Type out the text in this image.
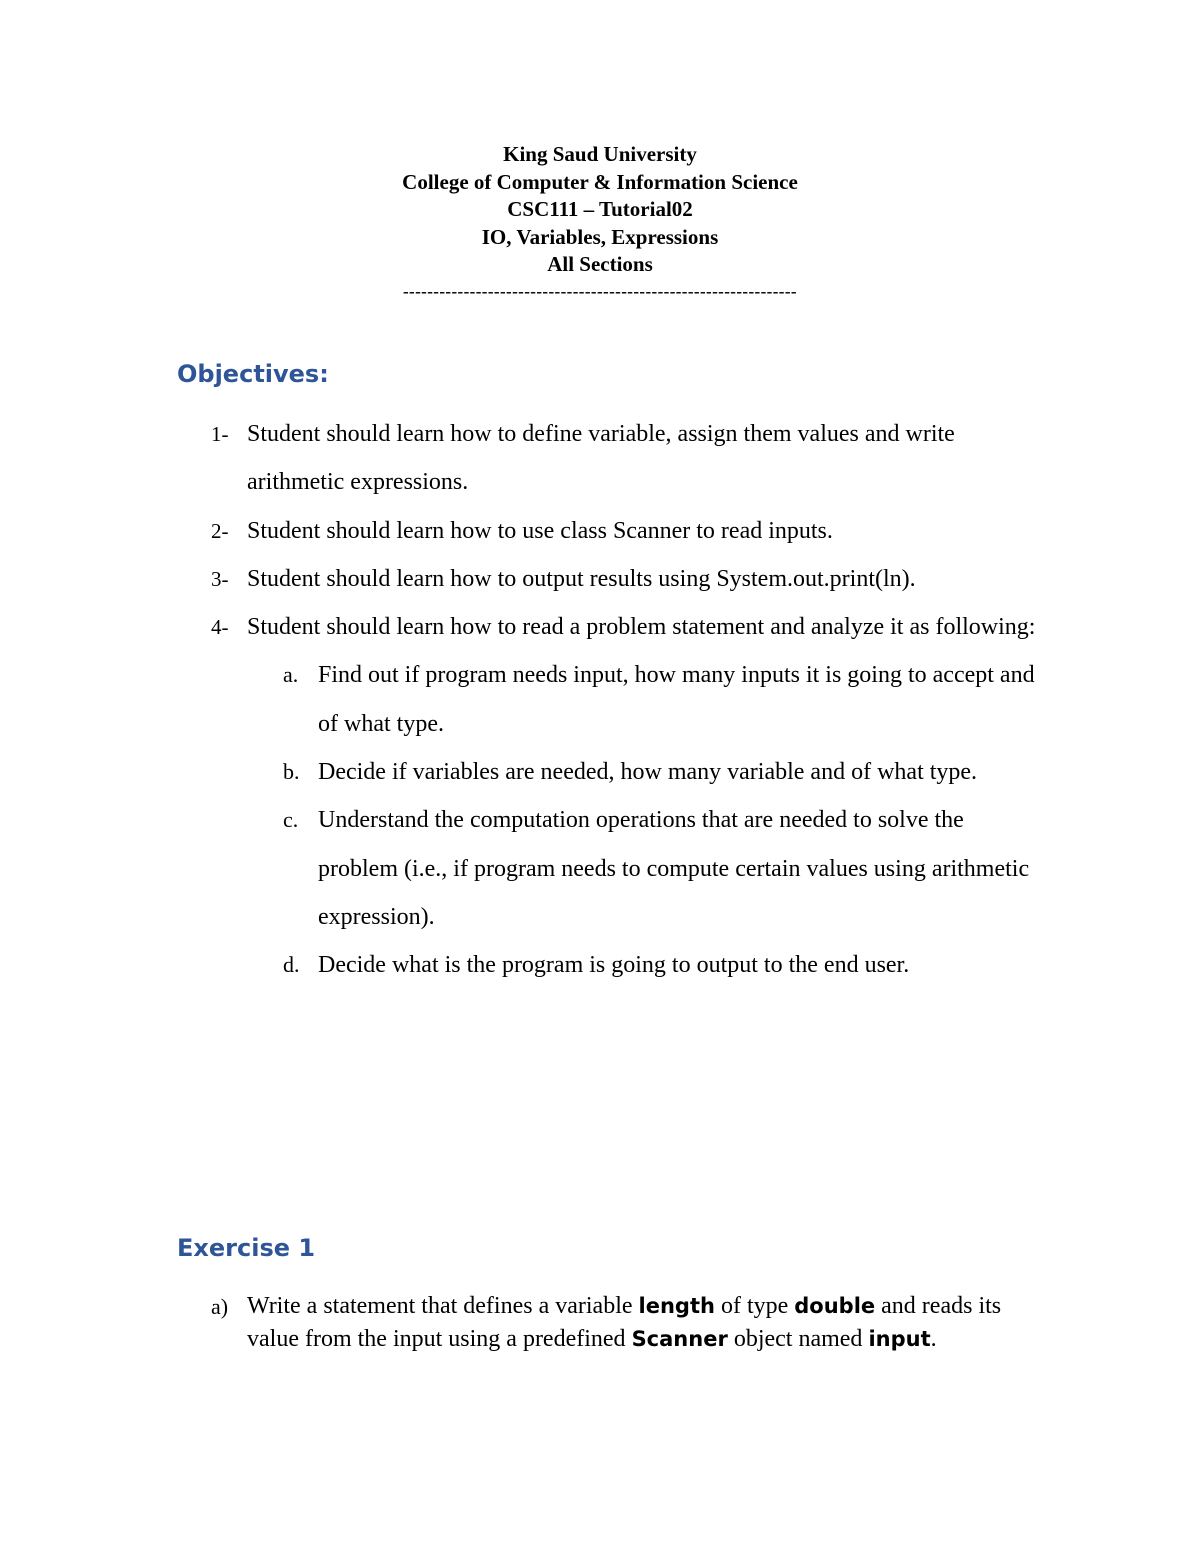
King Saud University
College of Computer & Information Science
CSC111 – Tutorial02
IO, Variables, Expressions
All Sections
-----------------------------------------------------------------
Objectives:
1- Student should learn how to define variable, assign them values and write arithmetic expressions.
2- Student should learn how to use class Scanner to read inputs.
3- Student should learn how to output results using System.out.print(ln).
4- Student should learn how to read a problem statement and analyze it as following:
a. Find out if program needs input, how many inputs it is going to accept and of what type.
b. Decide if variables are needed, how many variable and of what type.
c. Understand the computation operations that are needed to solve the problem (i.e., if program needs to compute certain values using arithmetic expression).
d. Decide what is the program is going to output to the end user.
Exercise 1
a) Write a statement that defines a variable length of type double and reads its value from the input using a predefined Scanner object named input.
